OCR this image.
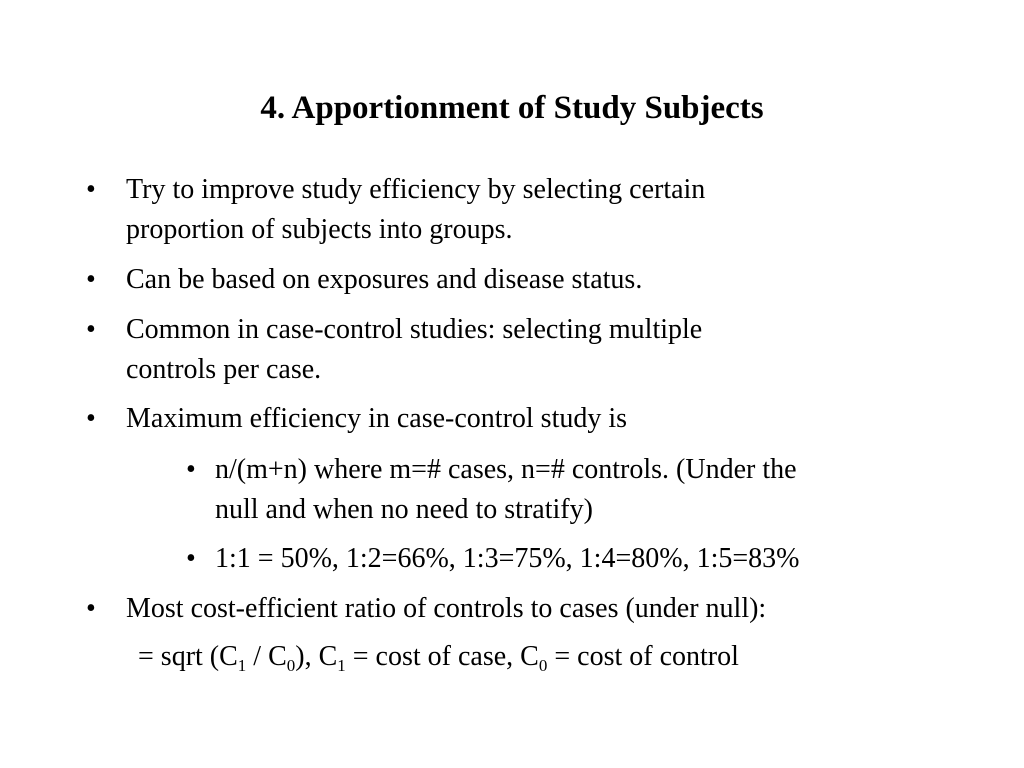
4. Apportionment of Study Subjects
•	Try to improve study efficiency by selecting certain
proportion of subjects into groups.
•	Can be based on exposures and disease status.
•	Common in case-control studies: selecting multiple
controls per case.
•	Maximum efficiency in case-control study is
• n/(m+n) where m=# cases, n=# controls. (Under the
null and when no need to stratify)
• 1:1 = 50%, 1:2=66%, 1:3=75%, 1:4=80%, 1:5=83%
•	Most cost-efficient ratio of controls to cases (under null):
= sqrt $(C_1 / C_0)$, $C_1 = \cos t$ of case, $C_0 = \cos t$ of control
